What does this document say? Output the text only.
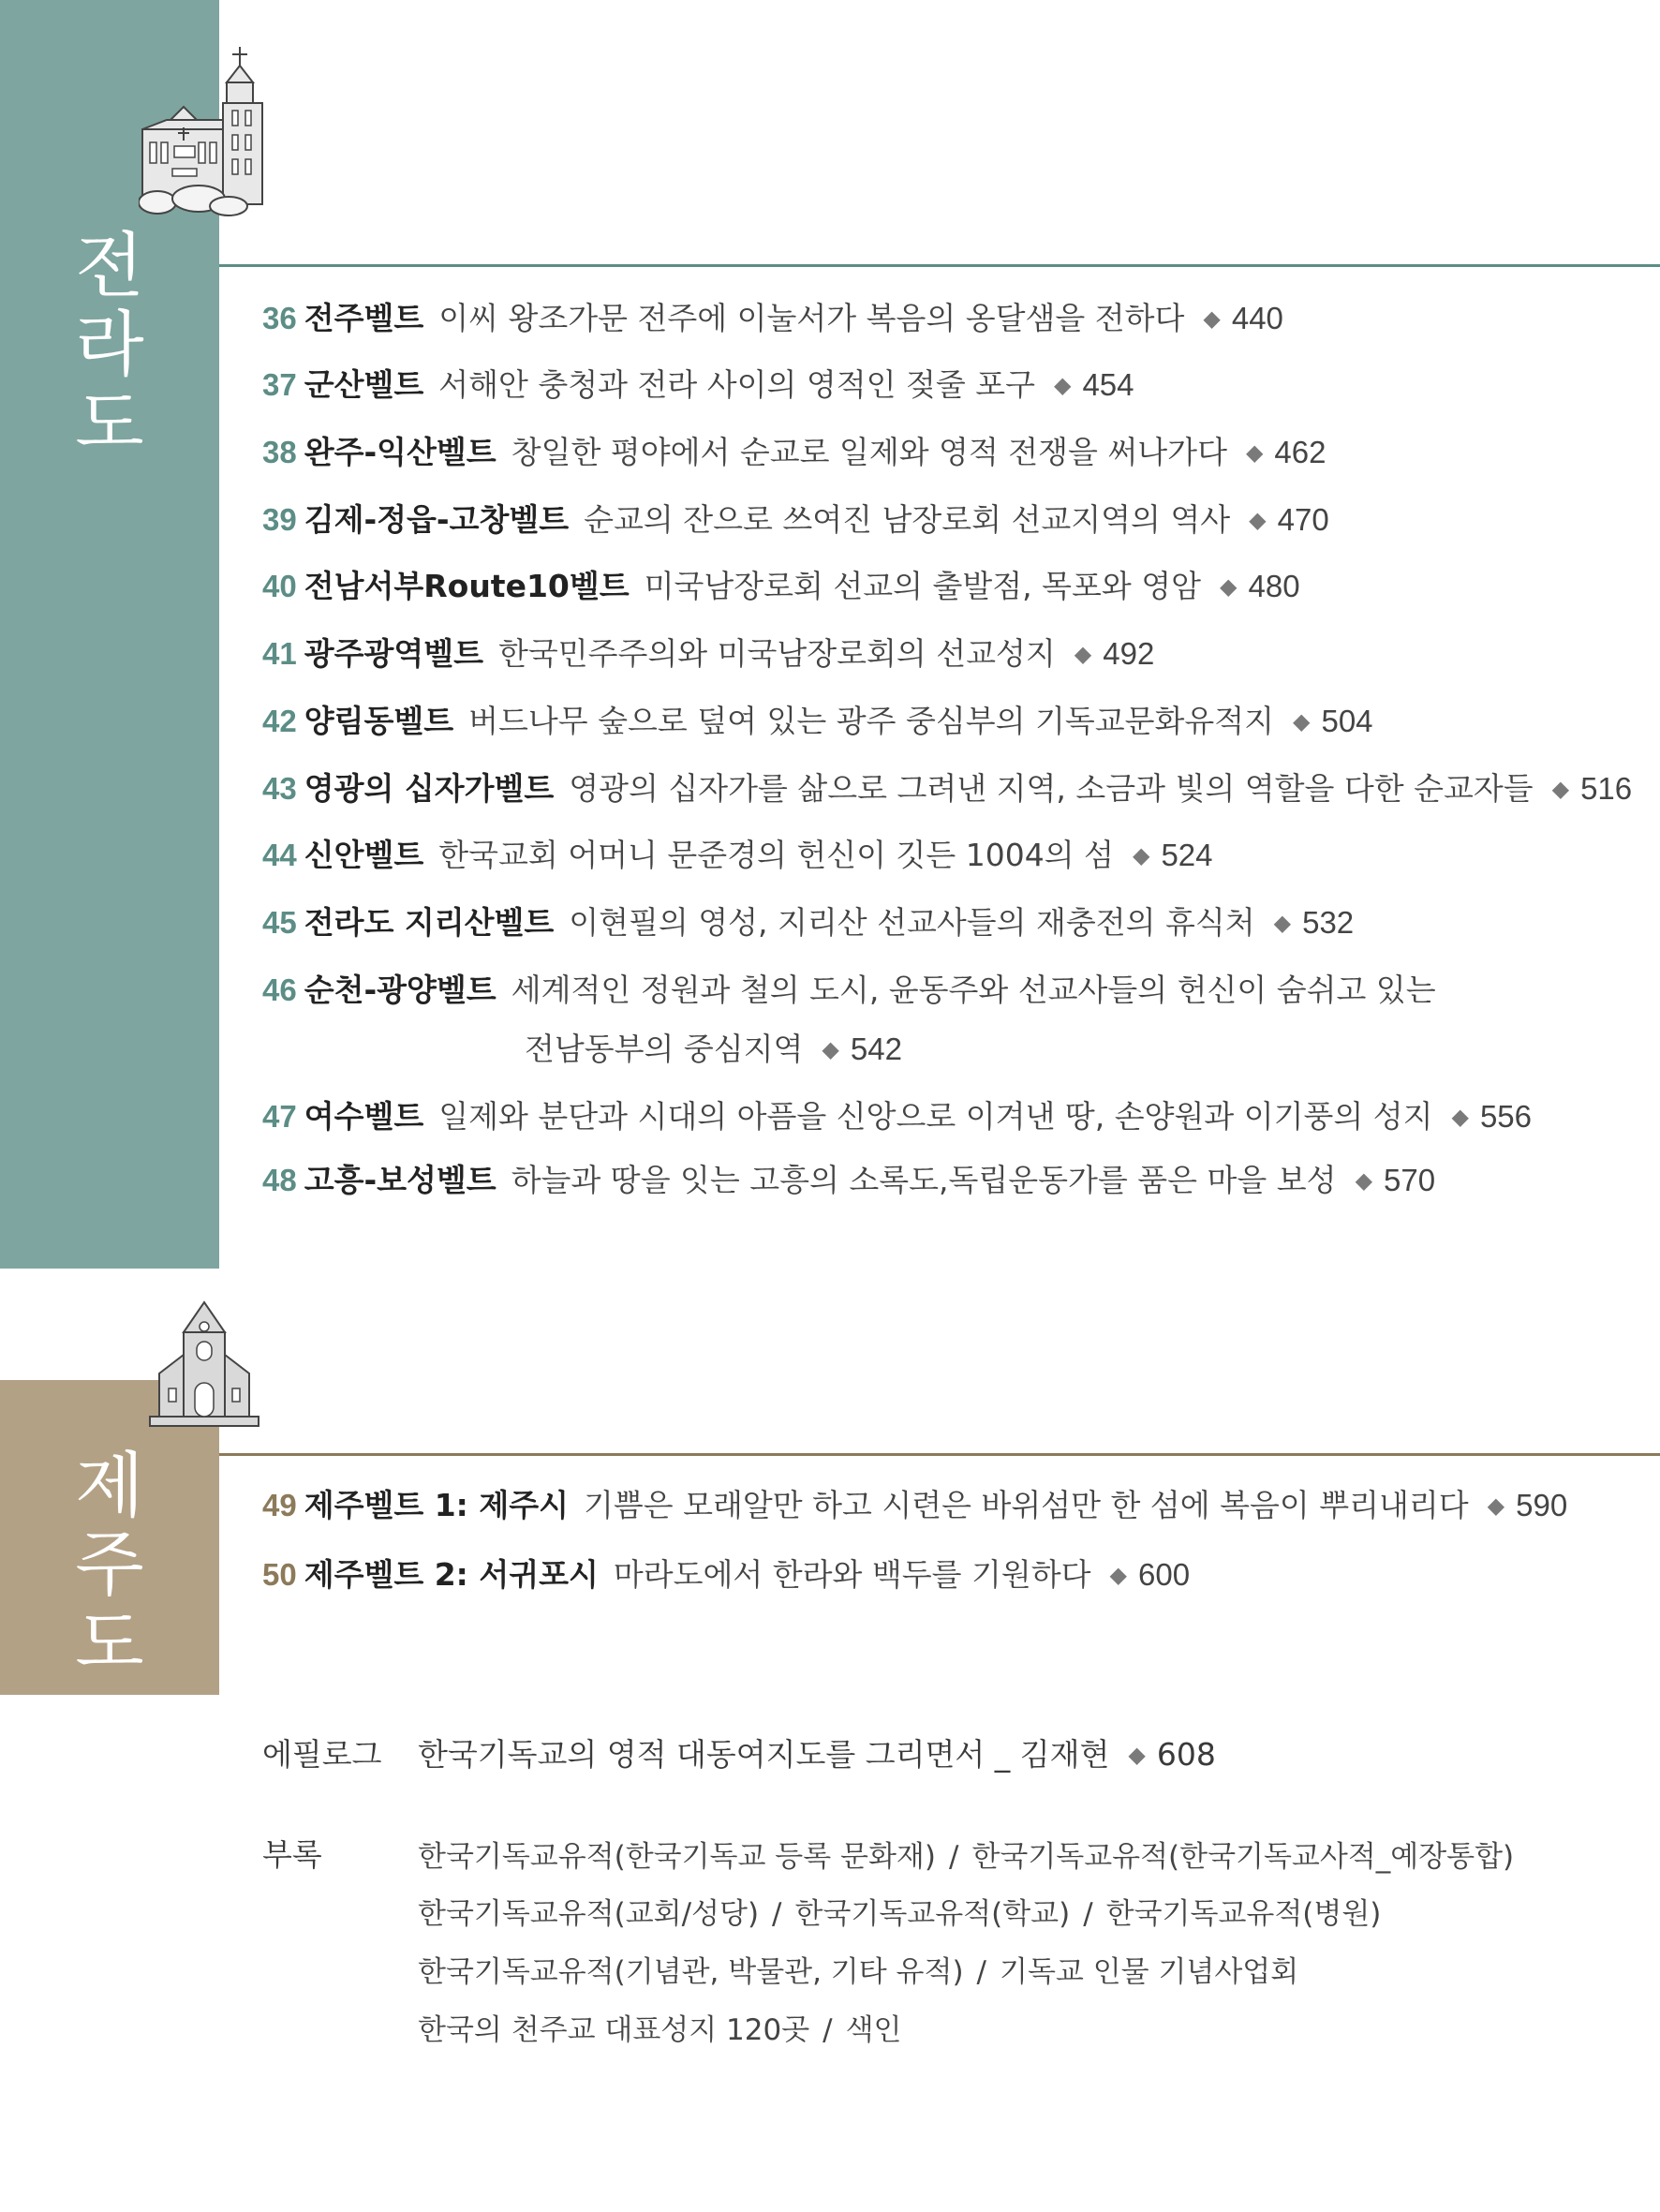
전
라
도
제
주
도
36 전주벨트 이씨 왕조가문 전주에 이눌서가 복음의 옹달샘을 전하다 ◆ 440
37 군산벨트 서해안 충청과 전라 사이의 영적인 젖줄 포구 ◆ 454
38 완주-익산벨트 창일한 평야에서 순교로 일제와 영적 전쟁을 써나가다 ◆ 462
39 김제-정읍-고창벨트 순교의 잔으로 쓰여진 남장로회 선교지역의 역사 ◆ 470
40 전남서부Route10벨트 미국남장로회 선교의 출발점, 목포와 영암 ◆ 480
41 광주광역벨트 한국민주주의와 미국남장로회의 선교성지 ◆ 492
42 양림동벨트 버드나무 숲으로 덮여 있는 광주 중심부의 기독교문화유적지 ◆ 504
43 영광의 십자가벨트 영광의 십자가를 삶으로 그려낸 지역, 소금과 빛의 역할을 다한 순교자들 ◆ 516
44 신안벨트 한국교회 어머니 문준경의 헌신이 깃든 1004의 섬 ◆ 524
45 전라도 지리산벨트 이현필의 영성, 지리산 선교사들의 재충전의 휴식처 ◆ 532
46 순천-광양벨트 세계적인 정원과 철의 도시, 윤동주와 선교사들의 헌신이 숨쉬고 있는
전남동부의 중심지역 ◆ 542
47 여수벨트 일제와 분단과 시대의 아픔을 신앙으로 이겨낸 땅, 손양원과 이기풍의 성지 ◆ 556
48 고흥-보성벨트 하늘과 땅을 잇는 고흥의 소록도,독립운동가를 품은 마을 보성 ◆ 570
49 제주벨트 1: 제주시 기쁨은 모래알만 하고 시련은 바위섬만 한 섬에 복음이 뿌리내리다 ◆ 590
50 제주벨트 2: 서귀포시 마라도에서 한라와 백두를 기원하다 ◆ 600
에필로그 한국기독교의 영적 대동여지도를 그리면서 _ 김재현 ◆ 608
부록	한국기독교유적(한국기독교 등록 문화재) / 한국기독교유적(한국기독교사적_예장통합)
한국기독교유적(교회/성당) / 한국기독교유적(학교) / 한국기독교유적(병원)
한국기독교유적(기념관, 박물관, 기타 유적) / 기독교 인물 기념사업회
한국의 천주교 대표성지 120곳 / 색인
